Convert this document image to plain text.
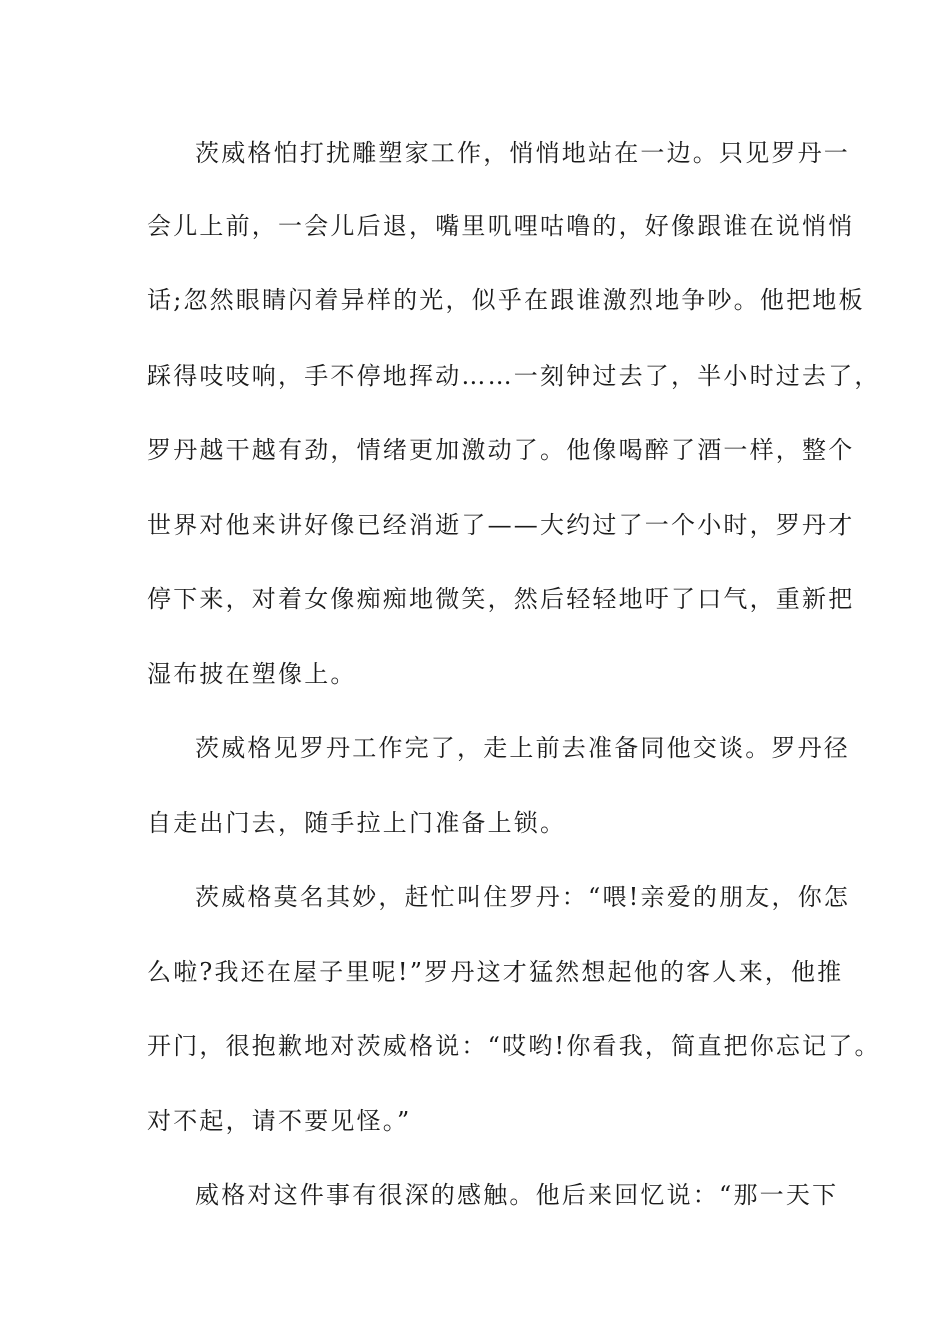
茨威格怕打扰雕塑家工作，悄悄地站在一边。只见罗丹一
会儿上前，一会儿后退，嘴里叽哩咕噜的，好像跟谁在说悄悄
话;忽然眼睛闪着异样的光，似乎在跟谁激烈地争吵。他把地板
踩得吱吱响，手不停地挥动……一刻钟过去了，半小时过去了，
罗丹越干越有劲，情绪更加激动了。他像喝醉了酒一样，整个
世界对他来讲好像已经消逝了——大约过了一个小时，罗丹才
停下来，对着女像痴痴地微笑，然后轻轻地吁了口气，重新把
湿布披在塑像上。
茨威格见罗丹工作完了，走上前去准备同他交谈。罗丹径
自走出门去，随手拉上门准备上锁。
茨威格莫名其妙，赶忙叫住罗丹：“喂!亲爱的朋友，你怎
么啦?我还在屋子里呢!”罗丹这才猛然想起他的客人来，他推
开门，很抱歉地对茨威格说：“哎哟!你看我，简直把你忘记了。
对不起，请不要见怪。”
威格对这件事有很深的感触。他后来回忆说：“那一天下
